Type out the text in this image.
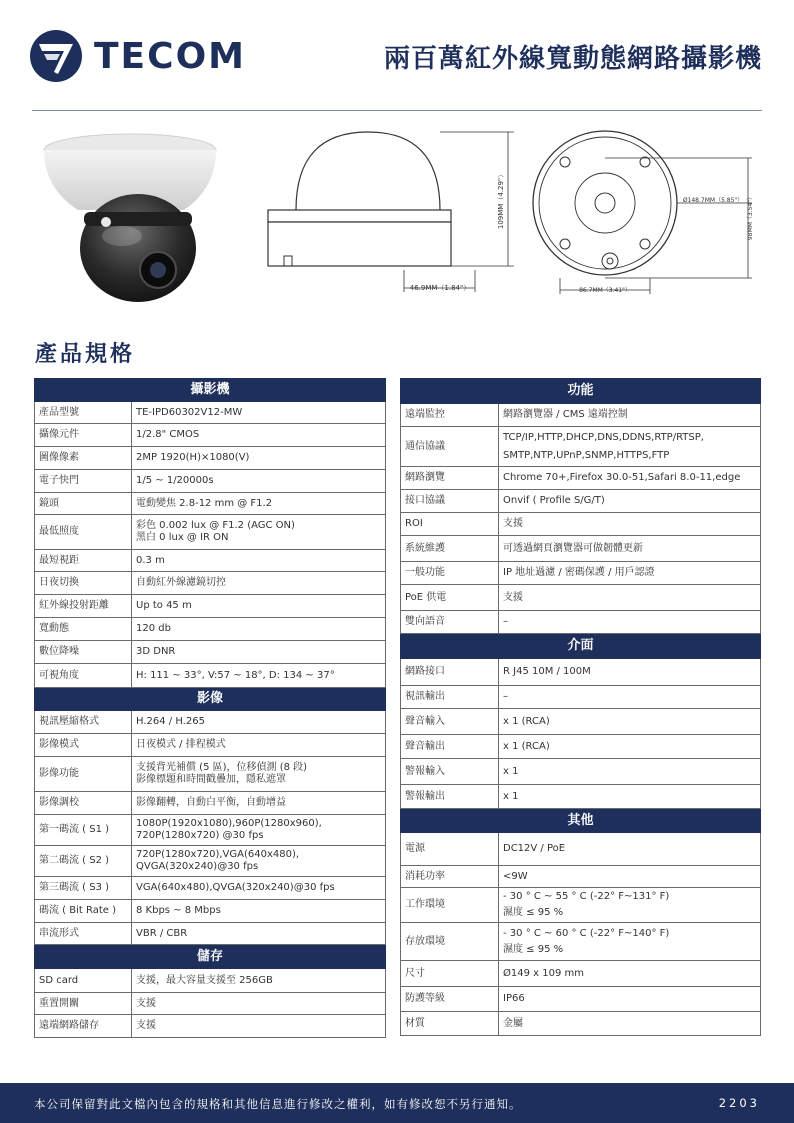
TECOM	兩百萬紅外線寬動態網路攝影機
109MM（4.29"）
46.9MM（1.84"）
Ø148.7MM（5.85"） 98MM（3.54"）
86.7MM（3.41"）
產品規格
攝影機	
產品型號	TE-IPD60302V12-MW
攝像元件	1/2.8" CMOS
圖像像素	2MP 1920(H)×1080(V)
電子快門	1/5 ~ 1/20000s
鏡頭	電動變焦 2.8-12 mm @ F1.2
最低照度	彩色 0.002 lux @ F1.2 (AGC ON)
黑白 0 lux @ IR ON

最短視距	0.3 m
日夜切換	自動紅外線濾鏡切控
紅外線投射距離	Up to 45 m
寬動態	120 db
數位降噪	3D DNR
可視角度	H: 111 ~ 33°, V:57 ~ 18°, D: 134 ~ 37°
影像	
視訊壓縮格式	H.264 / H.265
影像模式	日夜模式 / 排程模式
影像功能	支援背光補償 (5 區)，位移偵測 (8 段)
影像標題和時間戳疊加，隱私遮罩

影像調校	影像翻轉，自動白平衡，自動增益
第一碼流 ( S1 )	1080P(1920x1080),960P(1280x960),
720P(1280x720) @30 fps

第二碼流 ( S2 )	720P(1280x720),VGA(640x480),
QVGA(320x240)@30 fps

第三碼流 ( S3 )	VGA(640x480),QVGA(320x240)@30 fps
碼流 ( Bit Rate )	8 Kbps ~ 8 Mbps
串流形式	VBR / CBR
儲存	
SD card	支援，最大容量支援至 256GB
重置開關	支援
遠端網路儲存	支援
功能	
遠端監控	網路瀏覽器 / CMS 遠端控制
通信協議	TCP/IP,HTTP,DHCP,DNS,DDNS,RTP/RTSP,
SMTP,NTP,UPnP,SNMP,HTTPS,FTP

網路瀏覽	Chrome 70+,Firefox 30.0-51,Safari 8.0-11,edge
接口協議	Onvif ( Profile S/G/T)
ROI	支援
系統維護	可透過網頁瀏覽器可做韌體更新
一般功能	IP 地址過濾 / 密碼保護 / 用戶認證
PoE 供電	支援
雙向語音	–
介面	
網路接口	R J45 10M / 100M
視訊輸出	–
聲音輸入	x 1 (RCA)
聲音輸出	x 1 (RCA)
警報輸入	x 1
警報輸出	x 1
其他	
電源	DC12V / PoE
消耗功率	<9W
工作環境	- 30 ° C ~ 55 ° C (-22° F~131° F)
濕度 ≤ 95 %

存放環境	- 30 ° C ~ 60 ° C (-22° F~140° F)
濕度 ≤ 95 %

尺寸	Ø149 x 109 mm
防護等級	IP66
材質	金屬
本公司保留對此文檔內包含的規格和其他信息進行修改之權利，如有修改恕不另行通知。	2203
